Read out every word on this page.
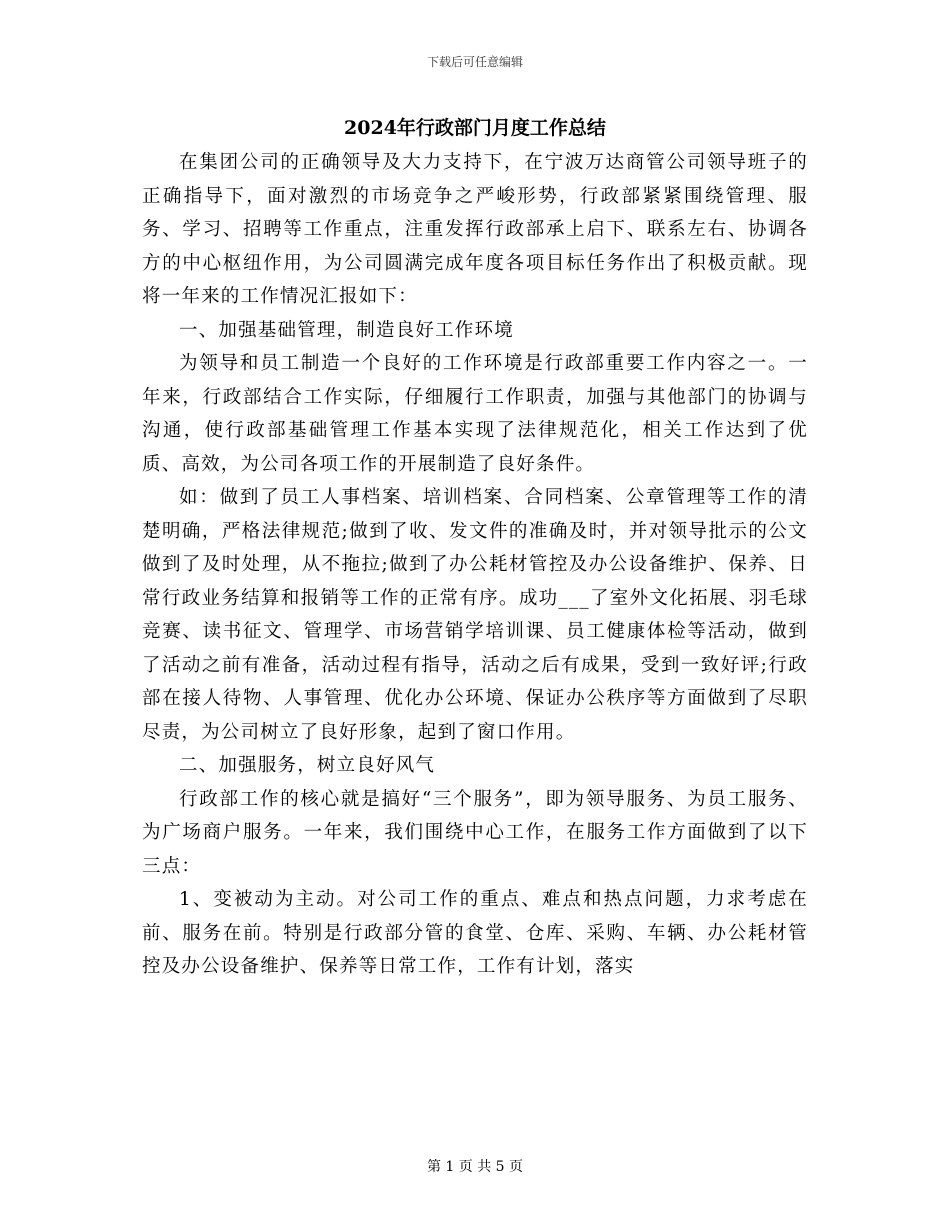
下载后可任意编辑
2024年行政部门月度工作总结

在集团公司的正确领导及大力支持下，在宁波万达商管公司领导班子的正确指导下，面对激烈的市场竞争之严峻形势，行政部紧紧围绕管理、服务、学习、招聘等工作重点，注重发挥行政部承上启下、联系左右、协调各方的中心枢纽作用，为公司圆满完成年度各项目标任务作出了积极贡献。现将一年来的工作情况汇报如下：

一、加强基础管理，制造良好工作环境

为领导和员工制造一个良好的工作环境是行政部重要工作内容之一。一年来，行政部结合工作实际，仔细履行工作职责，加强与其他部门的协调与沟通，使行政部基础管理工作基本实现了法律规范化，相关工作达到了优质、高效，为公司各项工作的开展制造了良好条件。

如：做到了员工人事档案、培训档案、合同档案、公章管理等工作的清楚明确，严格法律规范;做到了收、发文件的准确及时，并对领导批示的公文做到了及时处理，从不拖拉;做到了办公耗材管控及办公设备维护、保养、日常行政业务结算和报销等工作的正常有序。成功___了室外文化拓展、羽毛球竞赛、读书征文、管理学、市场营销学培训课、员工健康体检等活动，做到了活动之前有准备，活动过程有指导，活动之后有成果，受到一致好评;行政部在接人待物、人事管理、优化办公环境、保证办公秩序等方面做到了尽职尽责，为公司树立了良好形象，起到了窗口作用。

二、加强服务，树立良好风气

行政部工作的核心就是搞好“三个服务”，即为领导服务、为员工服务、为广场商户服务。一年来，我们围绕中心工作，在服务工作方面做到了以下三点：

1、变被动为主动。对公司工作的重点、难点和热点问题，力求考虑在前、服务在前。特别是行政部分管的食堂、仓库、采购、车辆、办公耗材管控及办公设备维护、保养等日常工作，工作有计划，落实

第 1 页 共 5 页
